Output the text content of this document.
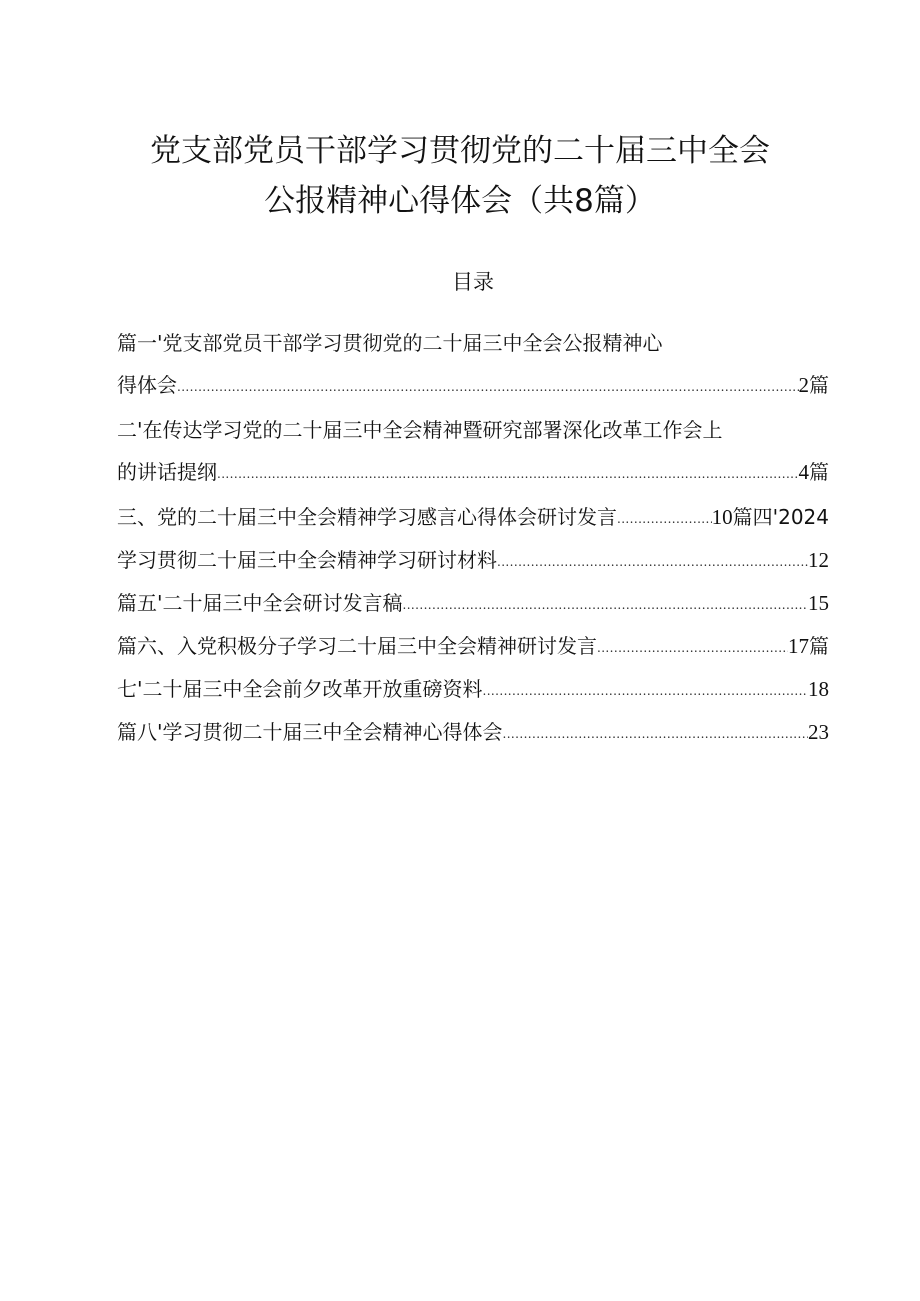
党支部党员干部学习贯彻党的二十届三中全会
公报精神心得体会（共8篇）
目录
篇一'党支部党员干部学习贯彻党的二十届三中全会公报精神心
得体会 .....	2 篇
二'在传达学习党的二十届三中全会精神暨研究部署深化改革工作会上
的讲话提纲 .....	4 篇
三、党的二十届三中全会精神学习感言心得体会研讨发言 .....	10 篇四'2024
学习贯彻二十届三中全会精神学习研讨材料 .....	12
篇五'二十届三中全会研讨发言稿 .....	15
篇六、入党积极分子学习二十届三中全会精神研讨发言 .....	17 篇
七'二十届三中全会前夕改革开放重磅资料 .....	18
篇八'学习贯彻二十届三中全会精神心得体会 .....	23
